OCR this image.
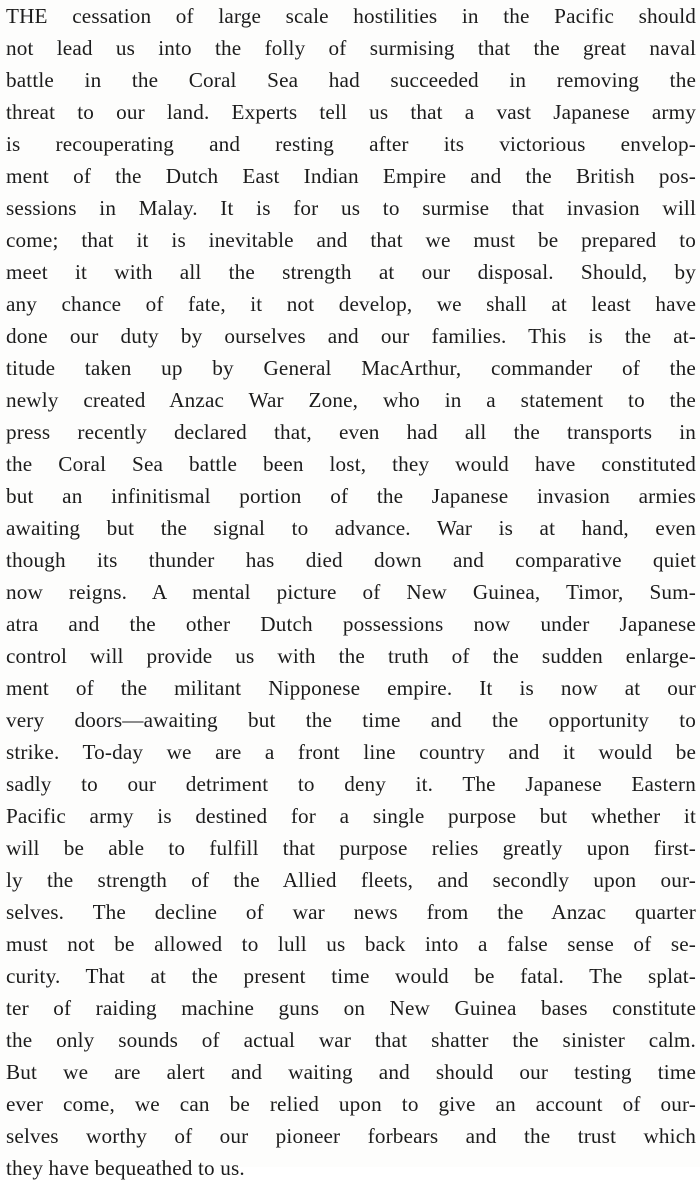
THE cessation of large scale hostilities in the Pacific should
not lead us into the folly of surmising that the great naval
battle in the Coral Sea had succeeded in removing the
threat to our land. Experts tell us that a vast Japanese army
is recouperating and resting after its victorious envelop-
ment of the Dutch East Indian Empire and the British pos-
sessions in Malay. It is for us to surmise that invasion will
come; that it is inevitable and that we must be prepared to
meet it with all the strength at our disposal. Should, by
any chance of fate, it not develop, we shall at least have
done our duty by ourselves and our families. This is the at-
titude taken up by General MacArthur, commander of the
newly created Anzac War Zone, who in a statement to the
press recently declared that, even had all the transports in
the Coral Sea battle been lost, they would have constituted
but an infinitismal portion of the Japanese invasion armies
awaiting but the signal to advance. War is at hand, even
though its thunder has died down and comparative quiet
now reigns. A mental picture of New Guinea, Timor, Sum-
atra and the other Dutch possessions now under Japanese
control will provide us with the truth of the sudden enlarge-
ment of the militant Nipponese empire. It is now at our
very doors—awaiting but the time and the opportunity to
strike. To-day we are a front line country and it would be
sadly to our detriment to deny it. The Japanese Eastern
Pacific army is destined for a single purpose but whether it
will be able to fulfill that purpose relies greatly upon first-
ly the strength of the Allied fleets, and secondly upon our-
selves. The decline of war news from the Anzac quarter
must not be allowed to lull us back into a false sense of se-
curity. That at the present time would be fatal. The splat-
ter of raiding machine guns on New Guinea bases constitute
the only sounds of actual war that shatter the sinister calm.
But we are alert and waiting and should our testing time
ever come, we can be relied upon to give an account of our-
selves worthy of our pioneer forbears and the trust which
they have bequeathed to us.
